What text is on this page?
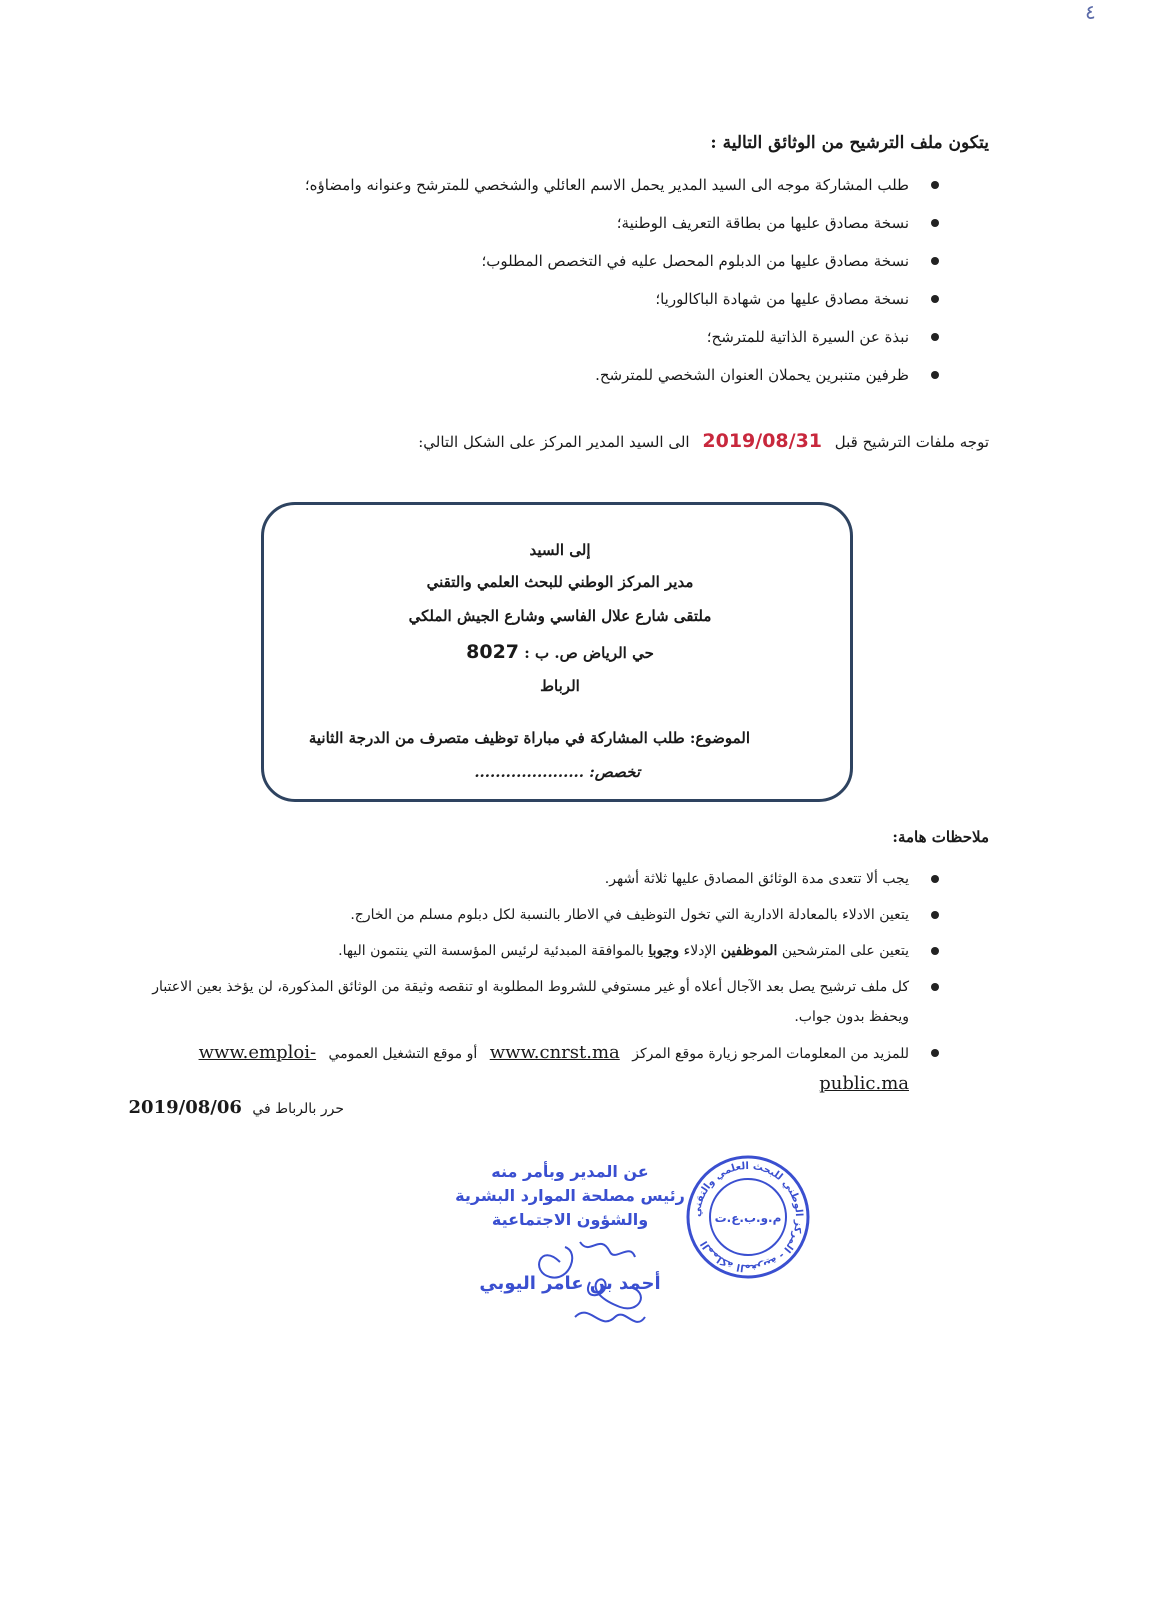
٤
يتكون ملف الترشيح من الوثائق التالية :
طلب المشاركة موجه الى السيد المدير يحمل الاسم العائلي والشخصي للمترشح وعنوانه وامضاؤه؛
نسخة مصادق عليها من بطاقة التعريف الوطنية؛
نسخة مصادق عليها من الدبلوم المحصل عليه في التخصص المطلوب؛
نسخة مصادق عليها من شهادة الباكالوريا؛
نبذة عن السيرة الذاتية للمترشح؛
ظرفين متنبرين يحملان العنوان الشخصي للمترشح.
توجه ملفات الترشيح قبل 2019/08/31 الى السيد المدير المركز على الشكل التالي:
إلى السيد
مدير المركز الوطني للبحث العلمي والتقني
ملتقى شارع علال الفاسي وشارع الجيش الملكي
حي الرياض ص. ب : 8027
الرباط
الموضوع: طلب المشاركة في مباراة توظيف متصرف من الدرجة الثانية
تخصص: .....................
ملاحظات هامة:
يجب ألا تتعدى مدة الوثائق المصادق عليها ثلاثة أشهر.
يتعين الادلاء بالمعادلة الادارية التي تخول التوظيف في الاطار بالنسبة لكل دبلوم مسلم من الخارج.
يتعين على المترشحين الموظفين الإدلاء وجوبا بالموافقة المبدئية لرئيس المؤسسة التي ينتمون اليها.
كل ملف ترشيح يصل بعد الآجال أعلاه أو غير مستوفي للشروط المطلوبة او تنقصه وثيقة من الوثائق المذكورة، لن يؤخذ بعين الاعتبار ويحفظ بدون جواب.
للمزيد من المعلومات المرجو زيارة موقع المركز www.cnrst.ma أو موقع التشغيل العمومي www.emploi-public.ma
حرر بالرباط في 2019/08/06
عن المدير وبأمر منه
رئيس مصلحة الموارد البشرية
والشؤون الاجتماعية
أحمد بن عامر اليوبي
المملكة المغربية - المركز الوطني للبحث العلمي والتقني
م.و.ب.ع.ت
